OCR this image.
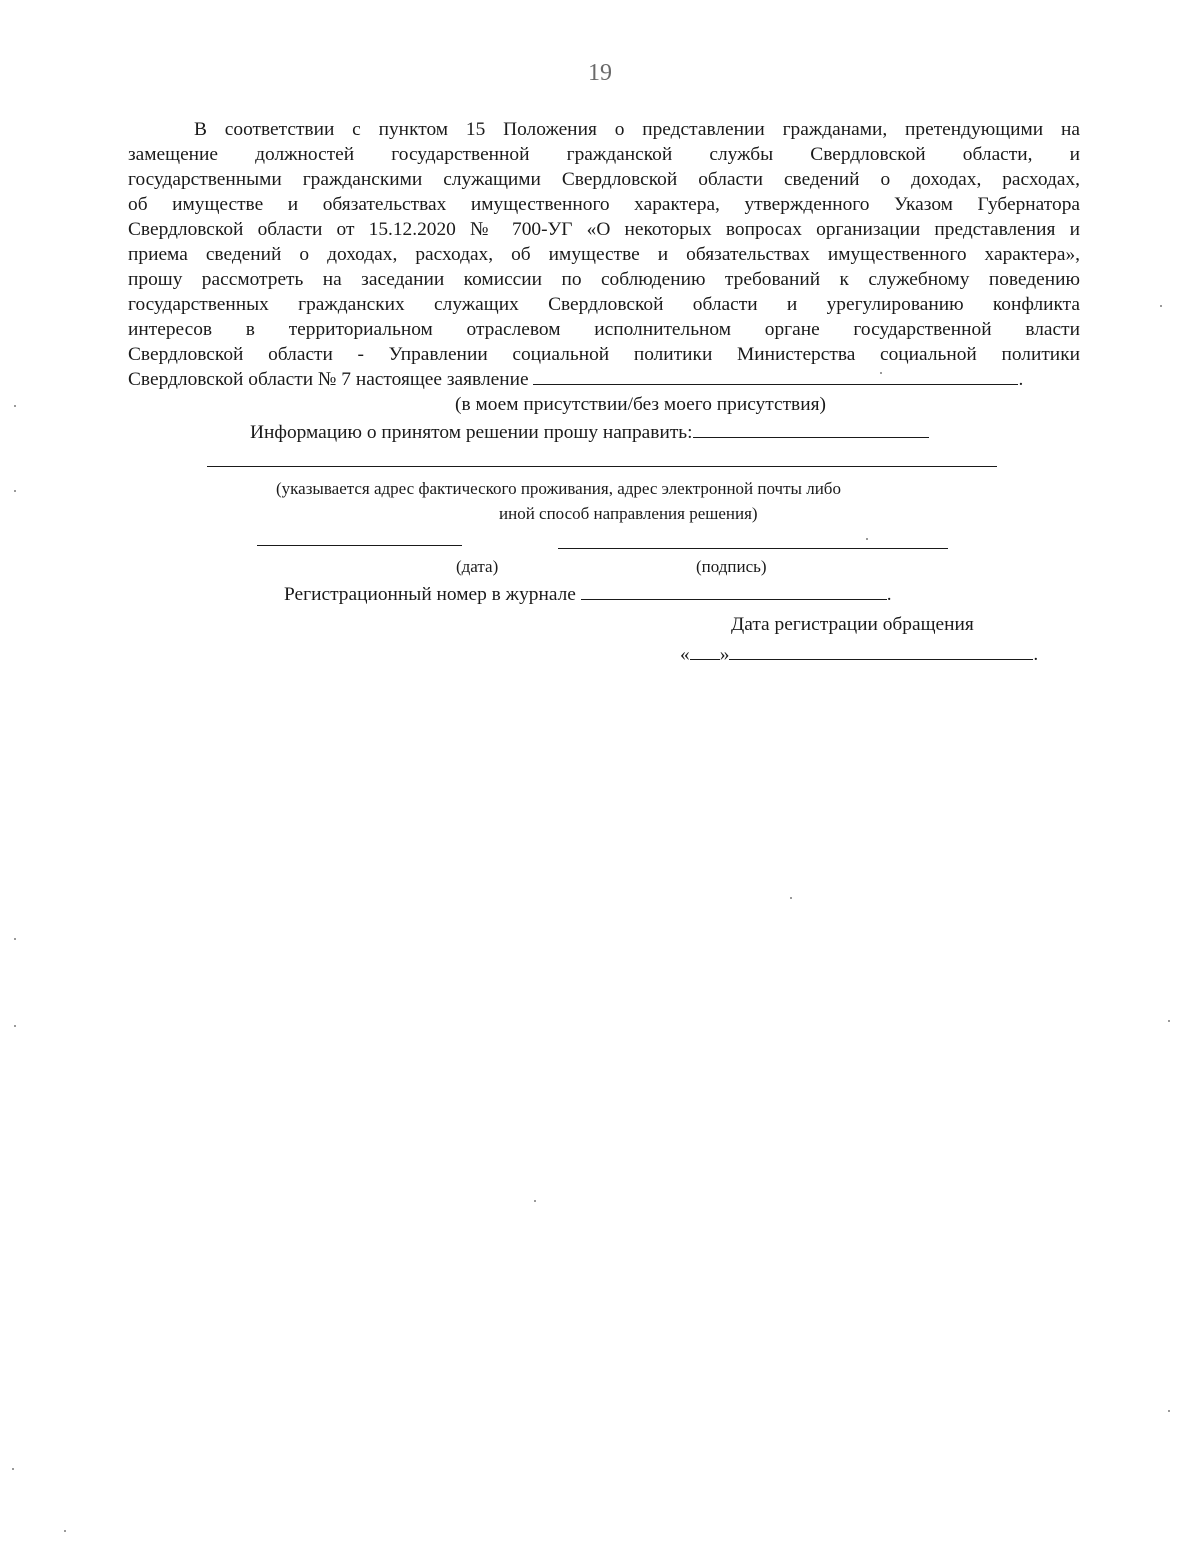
19
В соответствии с пунктом 15 Положения о представлении гражданами, претендующими на
замещение должностей государственной гражданской службы Свердловской области, и
государственными гражданскими служащими Свердловской области сведений о доходах, расходах,
об имуществе и обязательствах имущественного характера, утвержденного Указом Губернатора
Свердловской области от 15.12.2020 № 700-УГ «О некоторых вопросах организации представления и
приема сведений о доходах, расходах, об имуществе и обязательствах имущественного характера»,
прошу рассмотреть на заседании комиссии по соблюдению требований к служебному поведению
государственных гражданских служащих Свердловской области и урегулированию конфликта
интересов в территориальном отраслевом исполнительном органе государственной власти
Свердловской области - Управлении социальной политики Министерства социальной политики
Свердловской области № 7 настоящее заявление	.
(в моем присутствии/без моего присутствия)
Информацию о принятом решении прошу направить:
(указывается адрес фактического проживания, адрес электронной почты либо
иной способ направления решения)
(дата)	(подпись)
Регистрационный номер в журнале	.
Дата регистрации обращения
« »	.
